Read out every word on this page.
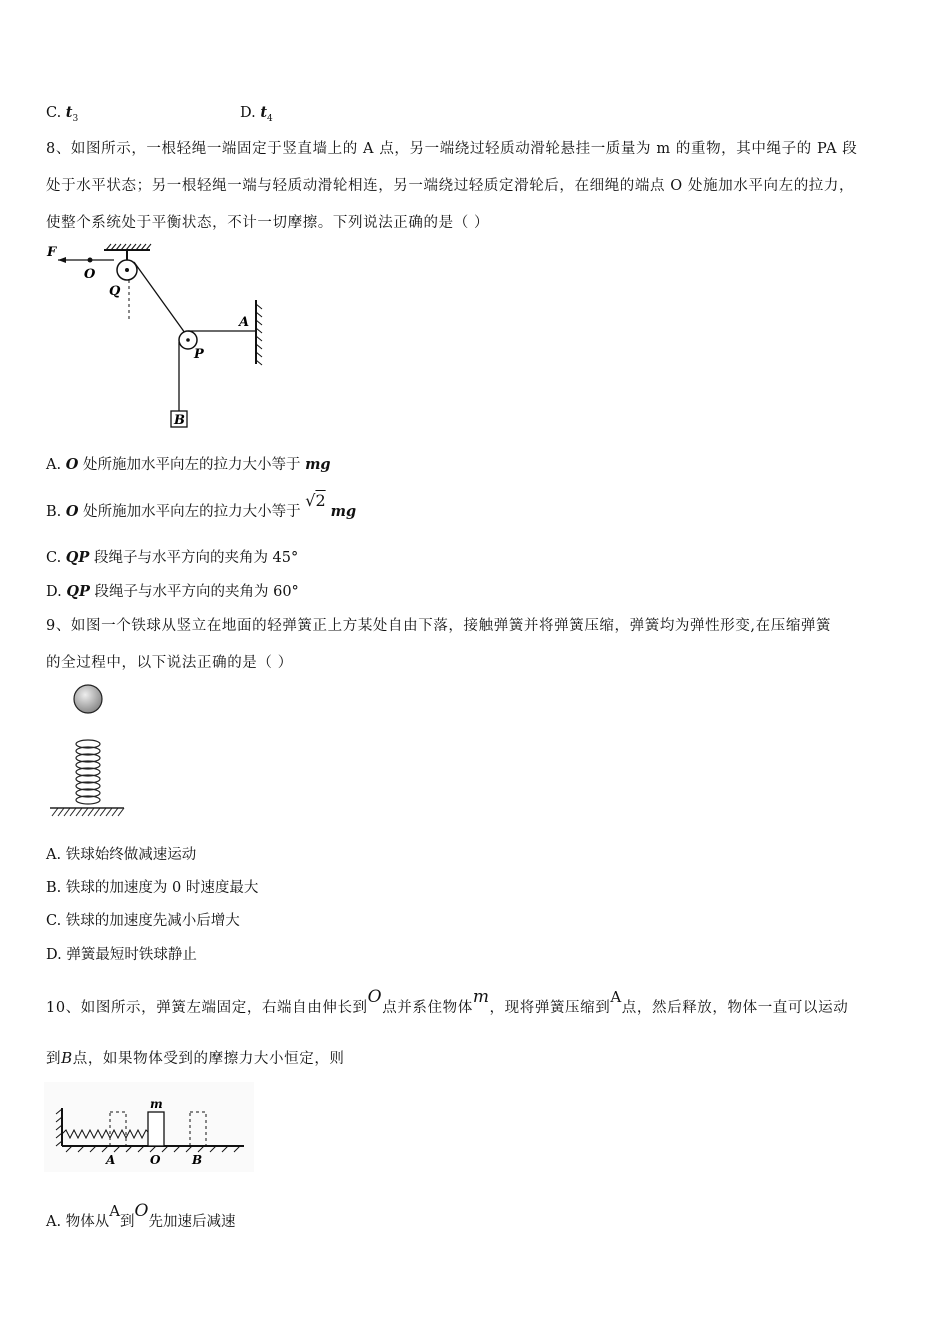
C. $t_3$	D. $t_4$
8、如图所示，一根轻绳一端固定于竖直墙上的 A 点，另一端绕过轻质动滑轮悬挂一质量为 m 的重物，其中绳子的 PA 段
处于水平状态；另一根轻绳一端与轻质动滑轮相连，另一端绕过轻质定滑轮后，在细绳的端点 O 处施加水平向左的拉力，
使整个系统处于平衡状态，不计一切摩擦。下列说法正确的是（ ）
F
O
Q
P
A
B
A. O 处所施加水平向左的拉力大小等于 mg
B. O 处所施加水平向左的拉力大小等于 √2 mg
C. QP 段绳子与水平方向的夹角为 45°
D. QP 段绳子与水平方向的夹角为 60°
9、如图一个铁球从竖立在地面的轻弹簧正上方某处自由下落，接触弹簧并将弹簧压缩，弹簧均为弹性形变,在压缩弹簧
的全过程中，以下说法正确的是（ ）
A. 铁球始终做减速运动
B. 铁球的加速度为 0 时速度最大
C. 铁球的加速度先减小后增大
D. 弹簧最短时铁球静止
10、如图所示，弹簧左端固定，右端自由伸长到O点并系住物体m，现将弹簧压缩到A点，然后释放，物体一直可以运动
到B点，如果物体受到的摩擦力大小恒定，则
m
A	O	B
A. 物体从A到O先加速后减速
